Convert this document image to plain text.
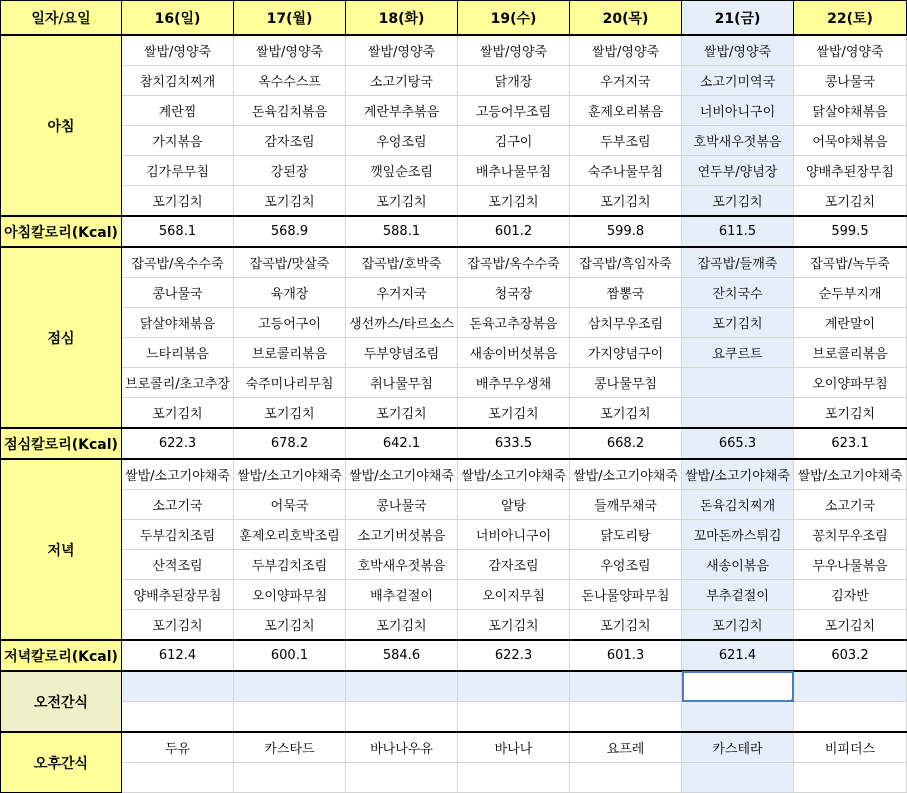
일자/요일	16(일)	17(월)	18(화)	19(수)	20(목)	21(금)	22(토)
아침	쌀밥/영양죽	쌀밥/영양죽	쌀밥/영양죽	쌀밥/영양죽	쌀밥/영양죽	쌀밥/영양죽	쌀밥/영양죽
	참치김치찌개	옥수수스프	소고기탕국	닭개장	우거지국	소고기미역국	콩나물국
	계란찜	돈육김치볶음	계란부추볶음	고등어무조림	훈제오리볶음	너비아니구이	닭살야채볶음
	가지볶음	감자조림	우엉조림	김구이	두부조림	호박새우젓볶음	어묵야채볶음
	김가루무침	강된장	깻잎순조림	배추나물무침	숙주나물무침	연두부/양념장	양배추된장무침
	포기김치	포기김치	포기김치	포기김치	포기김치	포기김치	포기김치
아침칼로리(Kcal)	568.1	568.9	588.1	601.2	599.8	611.5	599.5
점심	잡곡밥/옥수수죽	잡곡밥/맛살죽	잡곡밥/호박죽	잡곡밥/옥수수죽	잡곡밥/흑임자죽	잡곡밥/들깨죽	잡곡밥/녹두죽
	콩나물국	육개장	우거지국	청국장	짬뽕국	잔치국수	순두부지개
	닭살야채볶음	고등어구이	생선까스/타르소스	돈육고추장볶음	삼치무우조림	포기김치	계란말이
	느타리볶음	브로콜리볶음	두부양념조림	새송이버섯볶음	가지양념구이	요쿠르트	브로콜리볶음
	브로콜리/초고추장	숙주미나리무침	취나물무침	배추무우생채	콩나물무침		오이양파무침
	포기김치	포기김치	포기김치	포기김치	포기김치		포기김치
점심칼로리(Kcal)	622.3	678.2	642.1	633.5	668.2	665.3	623.1
저녁	쌀밥/소고기야채죽	쌀밥/소고기야채죽	쌀밥/소고기야채죽	쌀밥/소고기야채죽	쌀밥/소고기야채죽	쌀밥/소고기야채죽	쌀밥/소고기야채죽
	소고기국	어묵국	콩나물국	알탕	들깨무채국	돈육김치찌개	소고기국
	두부김치조림	훈제오리호박조림	소고기버섯볶음	너비아니구이	닭도리탕	꼬마돈까스튀김	꽁치무우조림
	산적조림	두부김치조림	호박새우젓볶음	감자조림	우엉조림	새송이볶음	무우나물볶음
	양배추된장무침	오이양파무침	배추겉절이	오이지무침	돈나물양파무침	부추겉절이	김자반
	포기김치	포기김치	포기김치	포기김치	포기김치	포기김치	포기김치
저녁칼로리(Kcal)	612.4	600.1	584.6	622.3	601.3	621.4	603.2
오전간식						

오후간식	두유	카스타드	바나나우유	바나나	요프레	카스테라	비피더스
